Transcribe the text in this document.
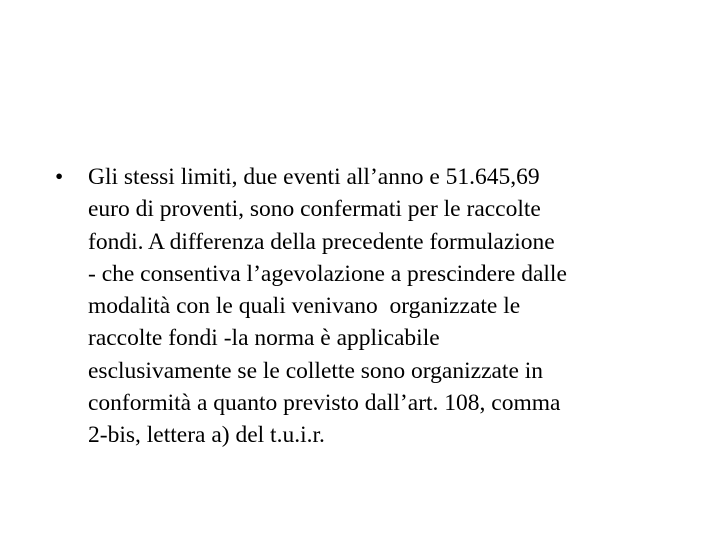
• Gli stessi limiti, due eventi all’anno e 51.645,69
euro di proventi, sono confermati per le raccolte
fondi. A differenza della precedente formulazione
- che consentiva l’agevolazione a prescindere dalle
modalità con le quali venivano  organizzate le
raccolte fondi -la norma è applicabile
esclusivamente se le collette sono organizzate in
conformità a quanto previsto dall’art. 108, comma
2-bis, lettera a) del t.u.i.r.
